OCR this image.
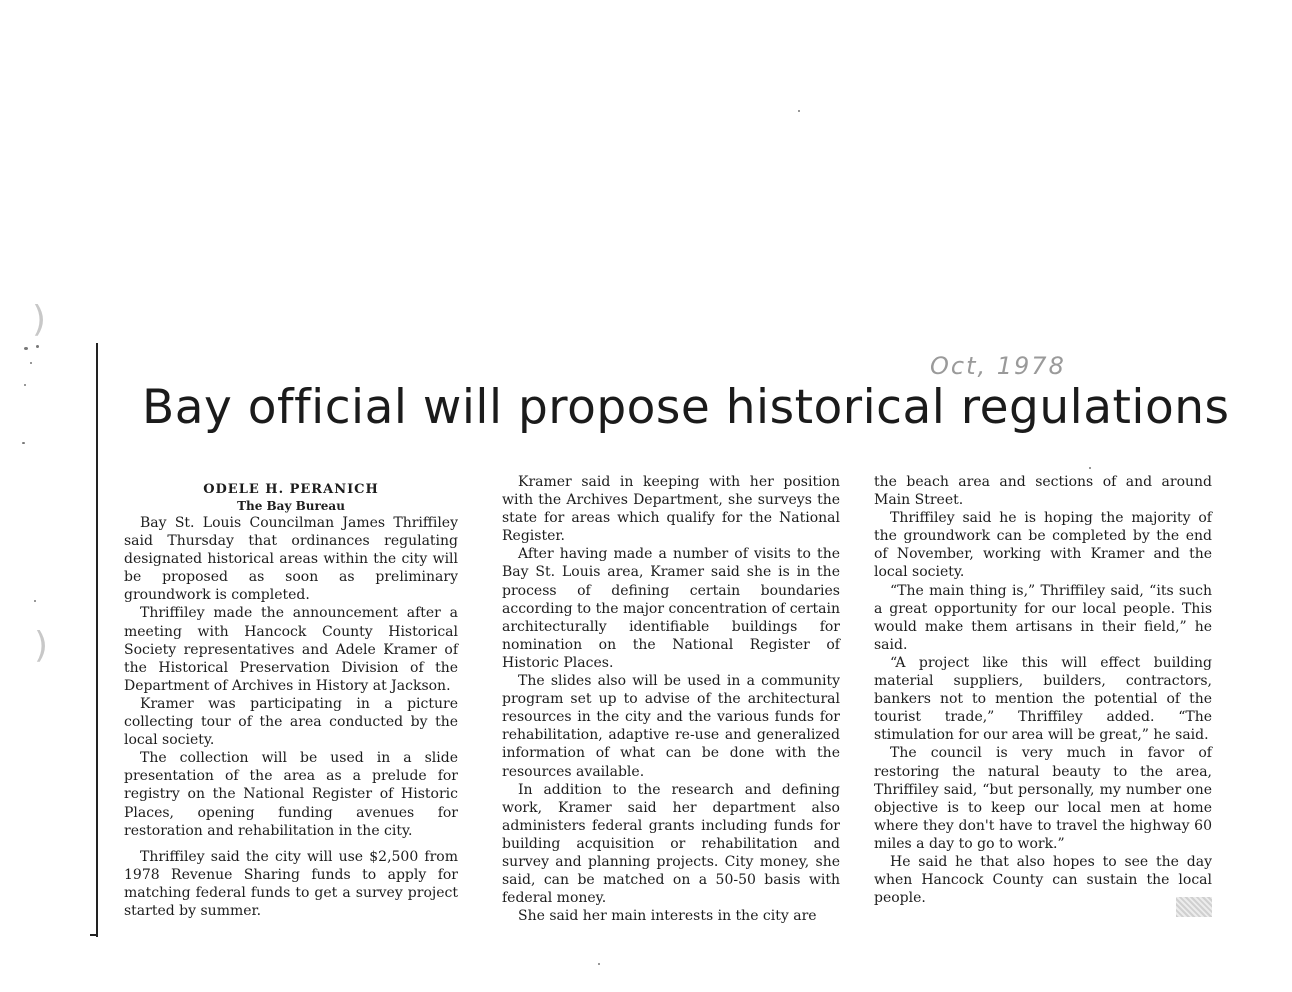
)
)
Oct, 1978
Bay official will propose historical regulations
ODELE H. PERANICH
The Bay Bureau

Bay St. Louis Councilman James Thriffiley said Thursday that ordinances regulating designated historical areas within the city will be proposed as soon as preliminary groundwork is completed.

Thriffiley made the announcement after a meeting with Hancock County Historical Society representatives and Adele Kramer of the Historical Preservation Division of the Department of Archives in History at Jackson.

Kramer was participating in a picture collecting tour of the area conducted by the local society.

The collection will be used in a slide presentation of the area as a prelude for registry on the National Register of Historic Places, opening funding avenues for restoration and rehabilitation in the city.

Thriffiley said the city will use $2,500 from 1978 Revenue Sharing funds to apply for matching federal funds to get a survey project started by summer.

Kramer said in keeping with her position with the Archives Department, she surveys the state for areas which qualify for the National Register.

After having made a number of visits to the Bay St. Louis area, Kramer said she is in the process of defining certain boundaries according to the major concentration of certain architecturally identifiable buildings for nomination on the National Register of Historic Places.

The slides also will be used in a community program set up to advise of the architectural resources in the city and the various funds for rehabilitation, adaptive re-use and generalized information of what can be done with the resources available.

In addition to the research and defining work, Kramer said her department also administers federal grants including funds for building acquisition or rehabilitation and survey and planning projects. City money, she said, can be matched on a 50-50 basis with federal money.

She said her main interests in the city are

the beach area and sections of and around Main Street.

Thriffiley said he is hoping the majority of the groundwork can be completed by the end of November, working with Kramer and the local society.

“The main thing is,” Thriffiley said, “its such a great opportunity for our local people. This would make them artisans in their field,” he said.

“A project like this will effect building material suppliers, builders, contractors, bankers not to mention the potential of the tourist trade,” Thriffiley added. “The stimulation for our area will be great,” he said.

The council is very much in favor of restoring the natural beauty to the area, Thriffiley said, “but personally, my number one objective is to keep our local men at home where they don't have to travel the highway 60 miles a day to go to work.”

He said he that also hopes to see the day when Hancock County can sustain the local people.
